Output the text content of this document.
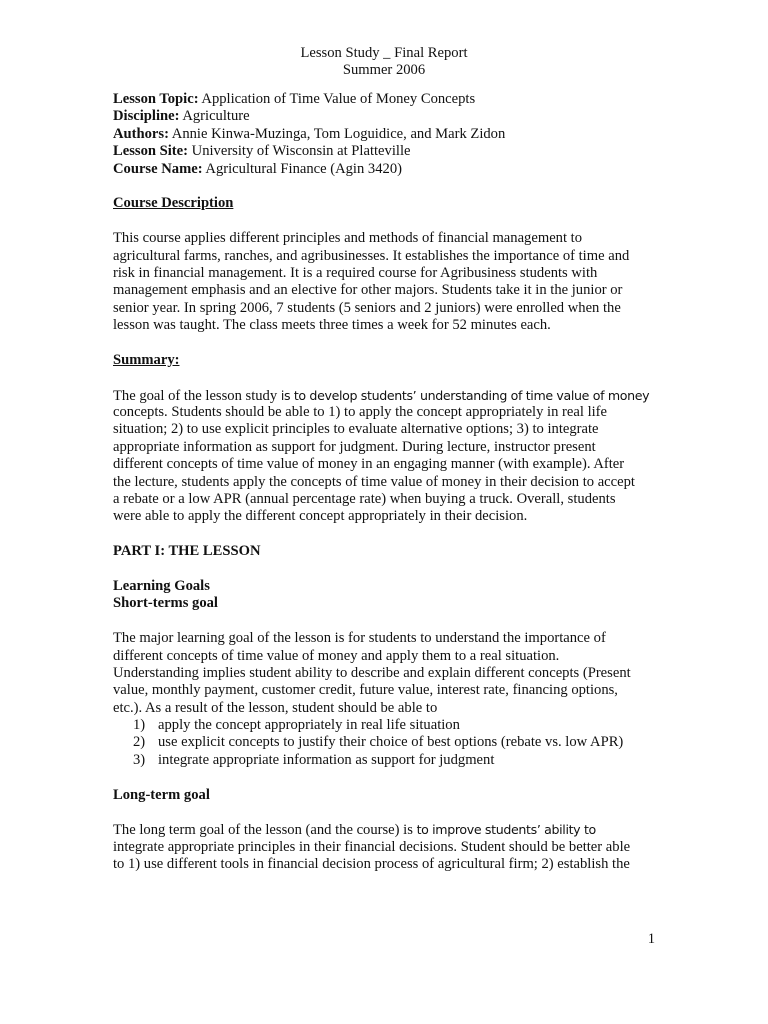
Lesson Study _ Final Report
Summer 2006
Lesson Topic: Application of Time Value of Money Concepts
Discipline: Agriculture
Authors: Annie Kinwa-Muzinga, Tom Loguidice, and Mark Zidon
Lesson Site: University of Wisconsin at Platteville
Course Name: Agricultural Finance (Agin 3420)
Course Description
This course applies different principles and methods of financial management to
agricultural farms, ranches, and agribusinesses. It establishes the importance of time and
risk in financial management. It is a required course for Agribusiness students with
management emphasis and an elective for other majors. Students take it in the junior or
senior year. In spring 2006, 7 students (5 seniors and 2 juniors) were enrolled when the
lesson was taught. The class meets three times a week for 52 minutes each.
Summary:
The goal of the lesson study is to develop students’ understanding of time value of money
concepts. Students should be able to 1) to apply the concept appropriately in real life
situation; 2) to use explicit principles to evaluate alternative options; 3) to integrate
appropriate information as support for judgment. During lecture, instructor present
different concepts of time value of money in an engaging manner (with example). After
the lecture, students apply the concepts of time value of money in their decision to accept
a rebate or a low APR (annual percentage rate) when buying a truck. Overall, students
were able to apply the different concept appropriately in their decision.
PART I: THE LESSON
Learning Goals
Short-terms goal
The major learning goal of the lesson is for students to understand the importance of
different concepts of time value of money and apply them to a real situation.
Understanding implies student ability to describe and explain different concepts (Present
value, monthly payment, customer credit, future value, interest rate, financing options,
etc.). As a result of the lesson, student should be able to
1) apply the concept appropriately in real life situation
2) use explicit concepts to justify their choice of best options (rebate vs. low APR)
3) integrate appropriate information as support for judgment
Long-term goal
The long term goal of the lesson (and the course) is to improve students’ ability to
integrate appropriate principles in their financial decisions. Student should be better able
to 1) use different tools in financial decision process of agricultural firm; 2) establish the
1
